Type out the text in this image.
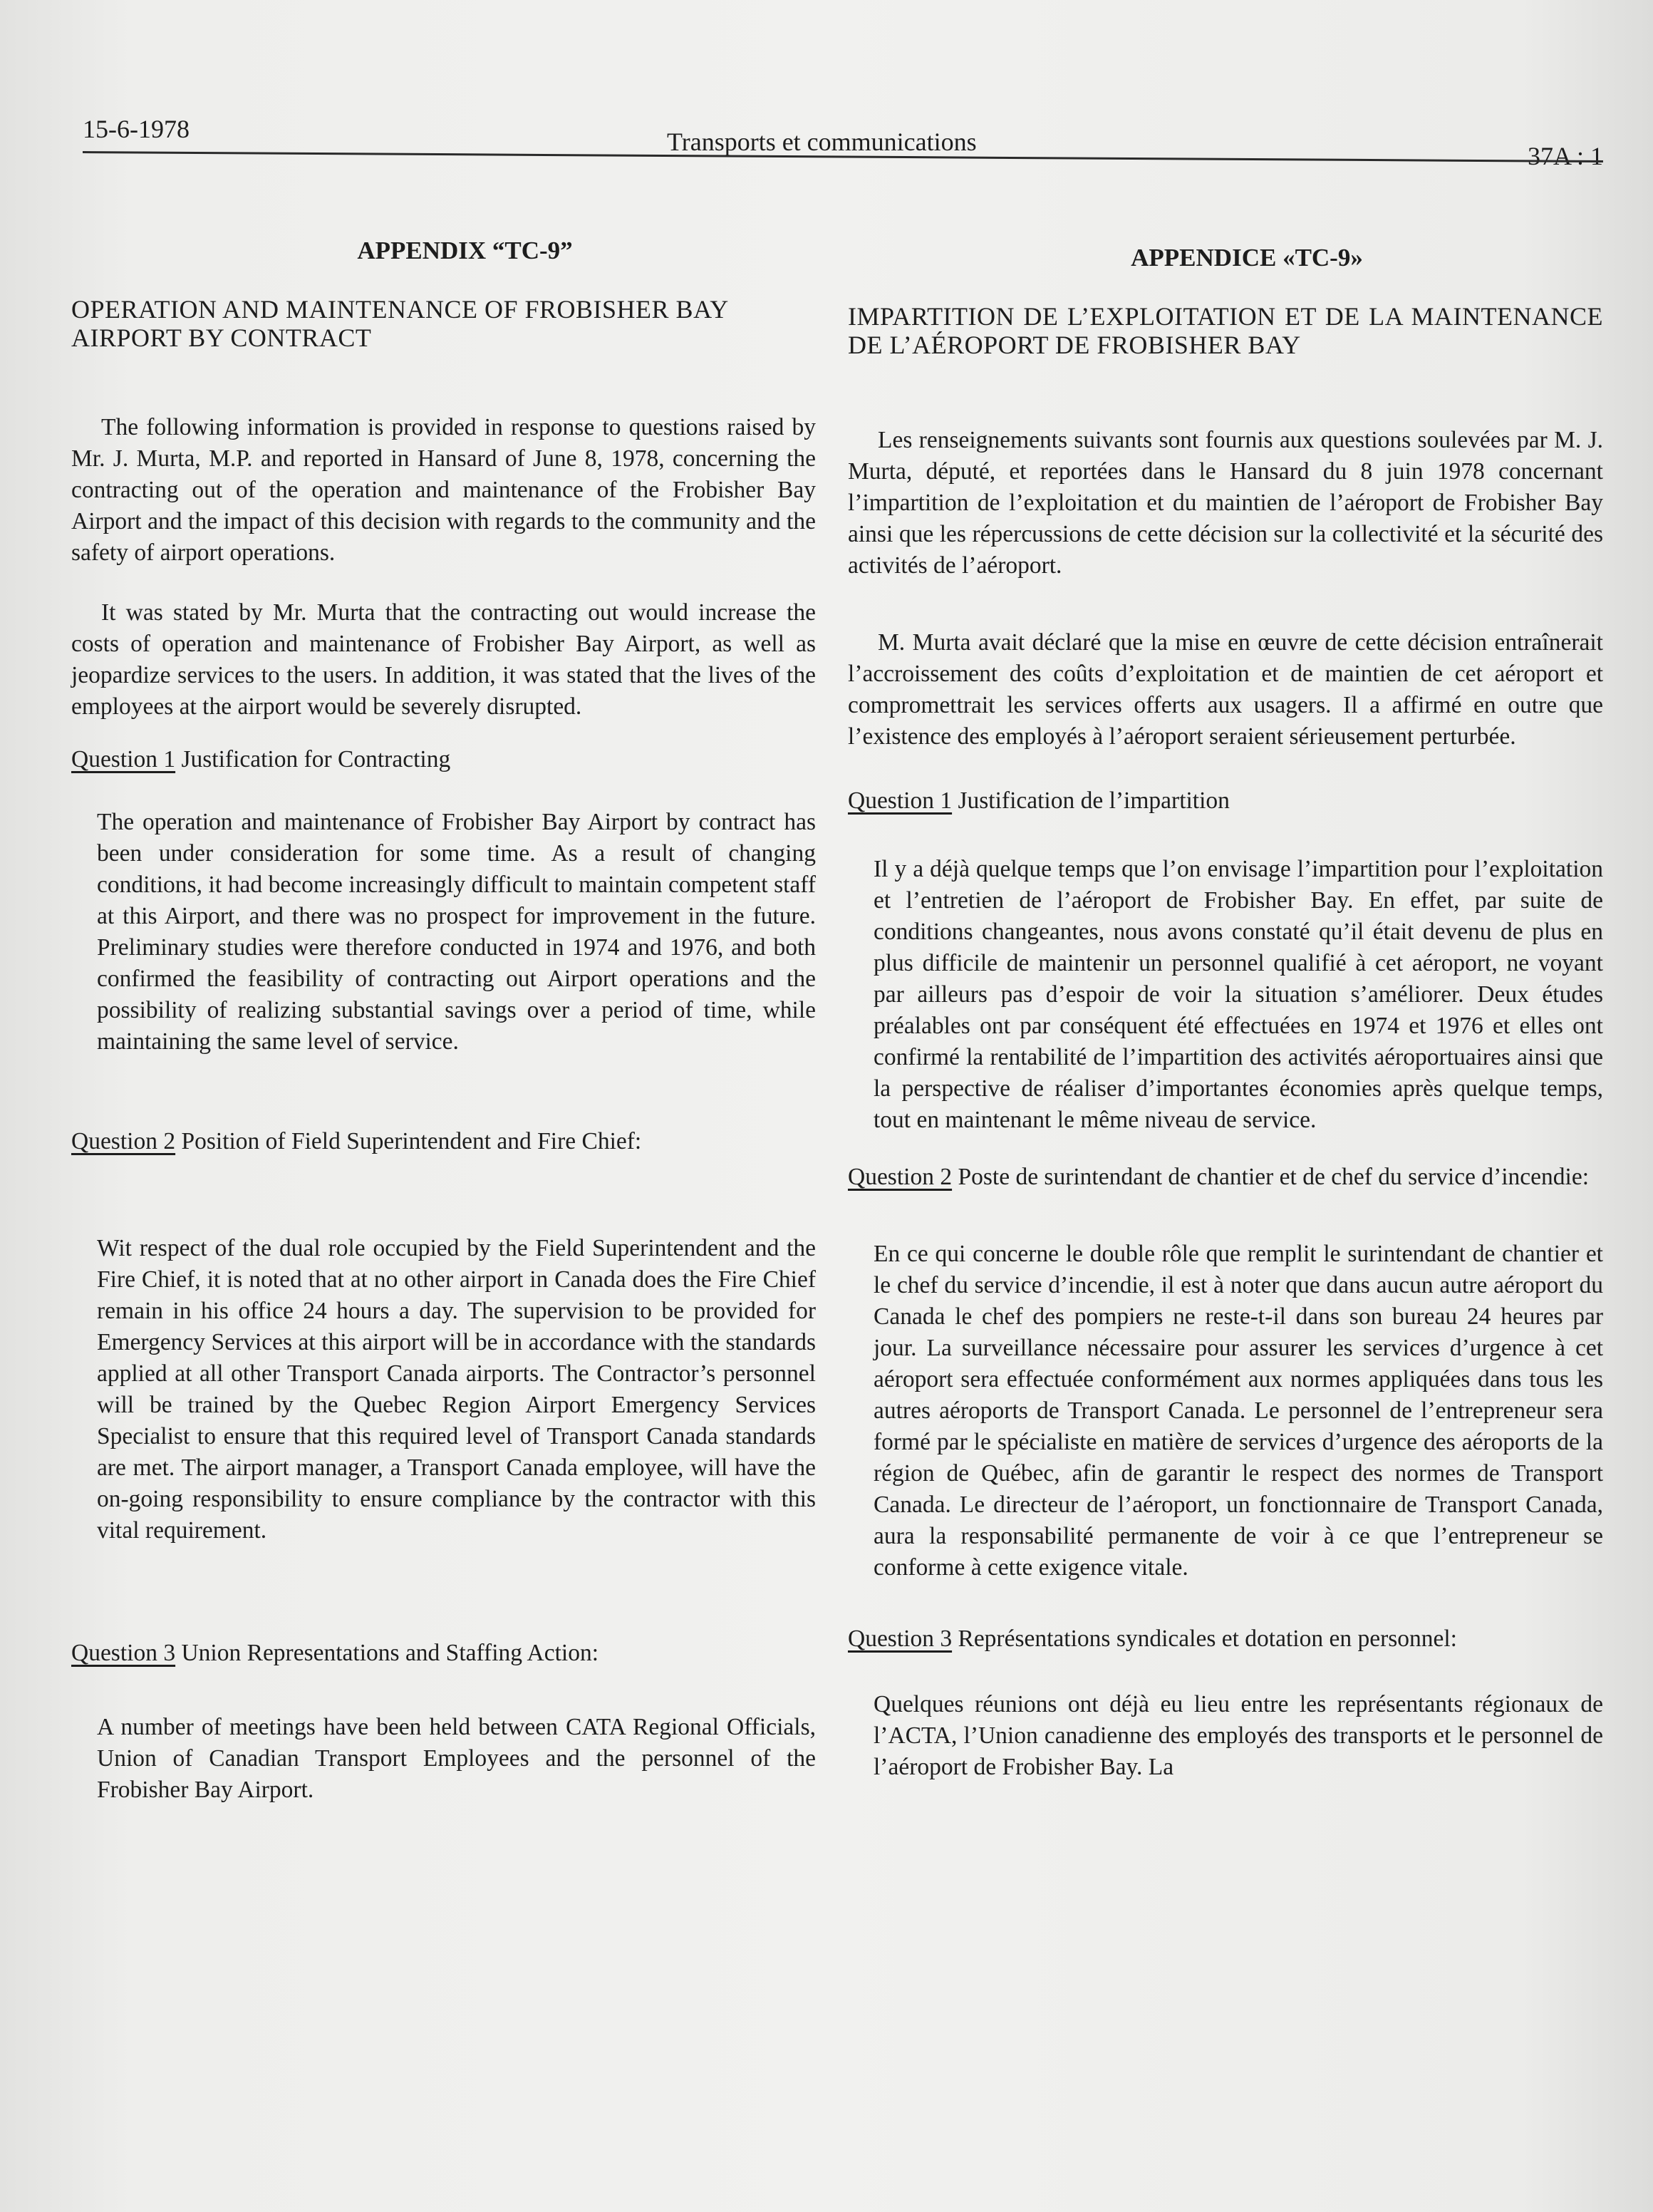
15-6-1978	Transports et communications	37A : 1
APPENDIX “TC-9”
OPERATION AND MAINTENANCE OF FROBISHER BAY AIRPORT BY CONTRACT

The following information is provided in response to questions raised by Mr. J. Murta, M.P. and reported in Hansard of June 8, 1978, concerning the contracting out of the operation and maintenance of the Frobisher Bay Airport and the impact of this decision with regards to the community and the safety of airport operations.

It was stated by Mr. Murta that the contracting out would increase the costs of operation and maintenance of Frobisher Bay Airport, as well as jeopardize services to the users. In addition, it was stated that the lives of the employees at the airport would be severely disrupted.

Question 1 Justification for Contracting

The operation and maintenance of Frobisher Bay Airport by contract has been under consideration for some time. As a result of changing conditions, it had become increasingly difficult to maintain competent staff at this Airport, and there was no prospect for improvement in the future. Preliminary studies were therefore conducted in 1974 and 1976, and both confirmed the feasibility of contracting out Airport operations and the possibility of realizing substantial savings over a period of time, while maintaining the same level of service.

Question 2 Position of Field Superintendent and Fire Chief:

Wit respect of the dual role occupied by the Field Superintendent and the Fire Chief, it is noted that at no other airport in Canada does the Fire Chief remain in his office 24 hours a day. The supervision to be provided for Emergency Services at this airport will be in accordance with the standards applied at all other Transport Canada airports. The Contractor’s personnel will be trained by the Quebec Region Airport Emergency Services Specialist to ensure that this required level of Transport Canada standards are met. The airport manager, a Transport Canada employee, will have the on-going responsibility to ensure compliance by the contractor with this vital requirement.

Question 3 Union Representations and Staffing Action:

A number of meetings have been held between CATA Regional Officials, Union of Canadian Transport Employees and the personnel of the Frobisher Bay Airport.

APPENDICE «TC-9»
IMPARTITION DE L’EXPLOITATION ET DE LA MAINTENANCE DE L’AÉROPORT DE FROBISHER BAY

Les renseignements suivants sont fournis aux questions soulevées par M. J. Murta, député, et reportées dans le Hansard du 8 juin 1978 concernant l’impartition de l’exploitation et du maintien de l’aéroport de Frobisher Bay ainsi que les répercussions de cette décision sur la collectivité et la sécurité des activités de l’aéroport.

M. Murta avait déclaré que la mise en œuvre de cette décision entraînerait l’accroissement des coûts d’exploitation et de maintien de cet aéroport et compromettrait les services offerts aux usagers. Il a affirmé en outre que l’existence des employés à l’aéroport seraient sérieusement perturbée.

Question 1 Justification de l’impartition

Il y a déjà quelque temps que l’on envisage l’impartition pour l’exploitation et l’entretien de l’aéroport de Frobisher Bay. En effet, par suite de conditions changeantes, nous avons constaté qu’il était devenu de plus en plus difficile de maintenir un personnel qualifié à cet aéroport, ne voyant par ailleurs pas d’espoir de voir la situation s’améliorer. Deux études préalables ont par conséquent été effectuées en 1974 et 1976 et elles ont confirmé la rentabilité de l’impartition des activités aéroportuaires ainsi que la perspective de réaliser d’importantes économies après quelque temps, tout en maintenant le même niveau de service.

Question 2 Poste de surintendant de chantier et de chef du service d’incendie:

En ce qui concerne le double rôle que remplit le surintendant de chantier et le chef du service d’incendie, il est à noter que dans aucun autre aéroport du Canada le chef des pompiers ne reste-t-il dans son bureau 24 heures par jour. La surveillance nécessaire pour assurer les services d’urgence à cet aéroport sera effectuée conformément aux normes appliquées dans tous les autres aéroports de Transport Canada. Le personnel de l’entrepreneur sera formé par le spécialiste en matière de services d’urgence des aéroports de la région de Québec, afin de garantir le respect des normes de Transport Canada. Le directeur de l’aéroport, un fonctionnaire de Transport Canada, aura la responsabilité permanente de voir à ce que l’entrepreneur se conforme à cette exigence vitale.

Question 3 Représentations syndicales et dotation en personnel:

Quelques réunions ont déjà eu lieu entre les représentants régionaux de l’ACTA, l’Union canadienne des employés des transports et le personnel de l’aéroport de Frobisher Bay. La
